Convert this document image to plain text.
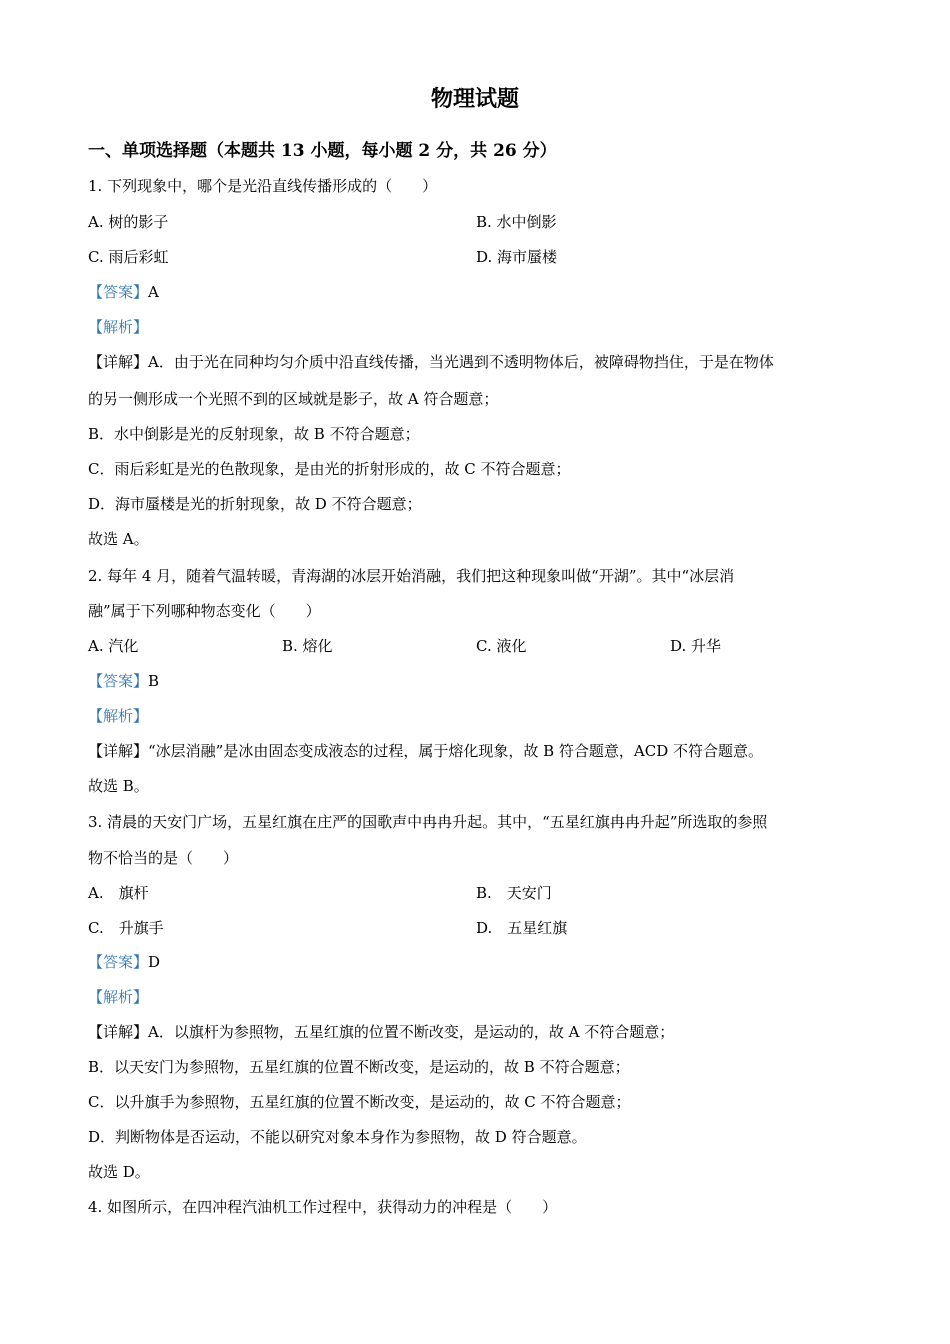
物理试题
一、单项选择题（本题共 13 小题，每小题 2 分，共 26 分）
1. 下列现象中，哪个是光沿直线传播形成的（　　）
A. 树的影子	B. 水中倒影
C. 雨后彩虹	D. 海市蜃楼
【答案】A
【解析】
【详解】A．由于光在同种均匀介质中沿直线传播，当光遇到不透明物体后，被障碍物挡住，于是在物体
的另一侧形成一个光照不到的区域就是影子，故 A 符合题意；
B．水中倒影是光的反射现象，故 B 不符合题意；
C．雨后彩虹是光的色散现象，是由光的折射形成的，故 C 不符合题意；
D．海市蜃楼是光的折射现象，故 D 不符合题意；
故选 A。
2. 每年 4 月，随着气温转暖，青海湖的冰层开始消融，我们把这种现象叫做“开湖”。其中“冰层消
融”属于下列哪种物态变化（　　）
A. 汽化	B. 熔化	C. 液化	D. 升华
【答案】B
【解析】
【详解】“冰层消融”是冰由固态变成液态的过程，属于熔化现象，故 B 符合题意，ACD 不符合题意。
故选 B。
3. 清晨的天安门广场，五星红旗在庄严的国歌声中冉冉升起。其中，“五星红旗冉冉升起”所选取的参照
物不恰当的是（　　）
A.　旗杆	B.　天安门
C.　升旗手	D.　五星红旗
【答案】D
【解析】
【详解】A．以旗杆为参照物，五星红旗的位置不断改变，是运动的，故 A 不符合题意；
B．以天安门为参照物，五星红旗的位置不断改变，是运动的，故 B 不符合题意；
C．以升旗手为参照物，五星红旗的位置不断改变，是运动的，故 C 不符合题意；
D．判断物体是否运动，不能以研究对象本身作为参照物，故 D 符合题意。
故选 D。
4. 如图所示，在四冲程汽油机工作过程中，获得动力的冲程是（　　）
